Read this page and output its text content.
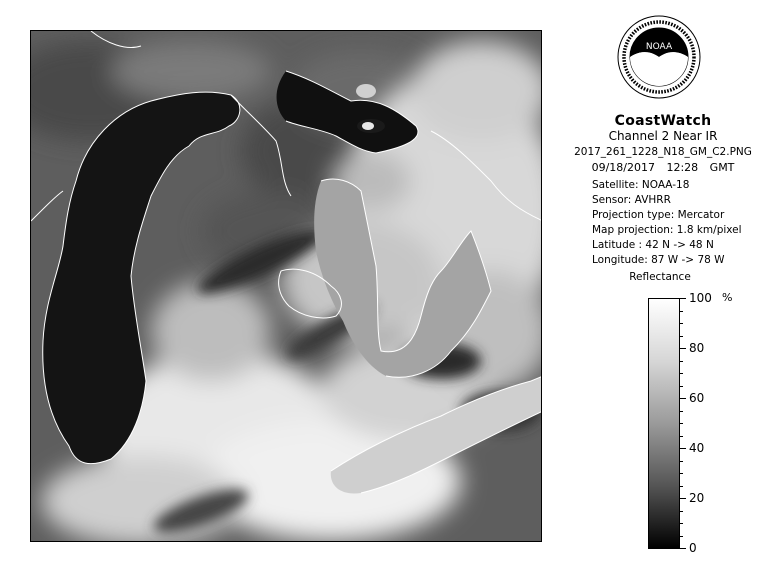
NOAA
CoastWatch
Channel 2 Near IR
2017_261_1228_N18_GM_C2.PNG
09/18/2017 12:28 GMT
Satellite: NOAA-18
Sensor: AVHRR
Projection type: Mercator
Map projection: 1.8 km/pixel
Latitude : 42 N -> 48 N
Longitude: 87 W -> 78 W
Reflectance
%
100
80
60
40
20
0
